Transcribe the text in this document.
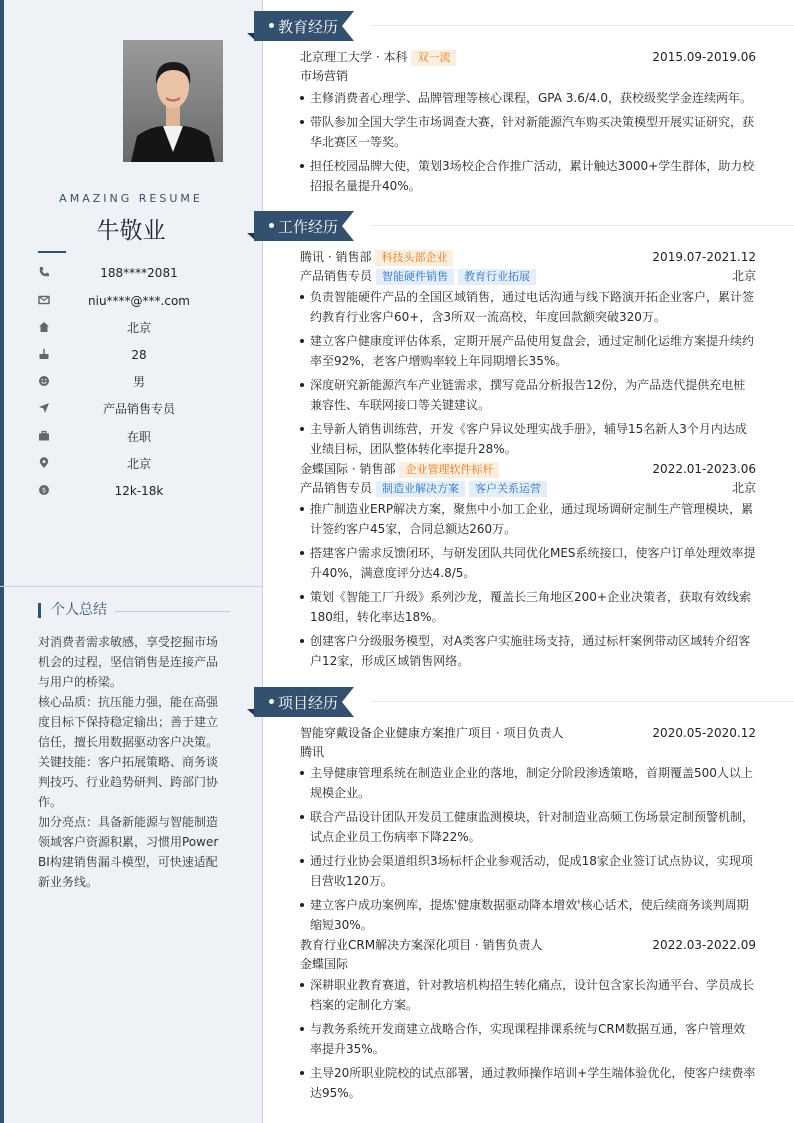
AMAZING RESUME
牛敬业
188****2081
niu****@***.com
北京
28
男
产品销售专员
在职
北京
$	12k-18k
个人总结

对消费者需求敏感，享受挖掘市场机会的过程，坚信销售是连接产品与用户的桥梁。

核心品质：抗压能力强，能在高强度目标下保持稳定输出；善于建立信任，擅长用数据驱动客户决策。

关键技能：客户拓展策略、商务谈判技巧、行业趋势研判、跨部门协作。

加分亮点：具备新能源与智能制造领域客户资源积累，习惯用Power BI构建销售漏斗模型，可快速适配新业务线。

教育经历
北京理工大学 · 本科 双一流	2015.09-2019.06
市场营销
主修消费者心理学、品牌管理等核心课程，GPA 3.6/4.0，获校级奖学金连续两年。
带队参加全国大学生市场调查大赛，针对新能源汽车购买决策模型开展实证研究，获华北赛区一等奖。
担任校园品牌大使，策划3场校企合作推广活动，累计触达3000+学生群体，助力校招报名量提升40%。
工作经历
腾讯 · 销售部 科技头部企业	2019.07-2021.12
产品销售专员 智能硬件销售 教育行业拓展	北京
负责智能硬件产品的全国区域销售，通过电话沟通与线下路演开拓企业客户，累计签约教育行业客户60+，含3所双一流高校，年度回款额突破320万。
建立客户健康度评估体系，定期开展产品使用复盘会，通过定制化运维方案提升续约率至92%，老客户增购率较上年同期增长35%。
深度研究新能源汽车产业链需求，撰写竞品分析报告12份，为产品迭代提供充电桩兼容性、车联网接口等关键建议。
主导新人销售训练营，开发《客户异议处理实战手册》，辅导15名新人3个月内达成业绩目标，团队整体转化率提升28%。
金蝶国际 · 销售部 企业管理软件标杆	2022.01-2023.06
产品销售专员 制造业解决方案 客户关系运营	北京
推广制造业ERP解决方案，聚焦中小加工企业，通过现场调研定制生产管理模块，累计签约客户45家，合同总额达260万。
搭建客户需求反馈闭环，与研发团队共同优化MES系统接口，使客户订单处理效率提升40%，满意度评分达4.8/5。
策划《智能工厂升级》系列沙龙，覆盖长三角地区200+企业决策者，获取有效线索180组，转化率达18%。
创建客户分级服务模型，对A类客户实施驻场支持，通过标杆案例带动区域转介绍客户12家，形成区域销售网络。
项目经历
智能穿戴设备企业健康方案推广项目 · 项目负责人	2020.05-2020.12
腾讯
主导健康管理系统在制造业企业的落地，制定分阶段渗透策略，首期覆盖500人以上规模企业。
联合产品设计团队开发员工健康监测模块，针对制造业高频工伤场景定制预警机制，试点企业员工伤病率下降22%。
通过行业协会渠道组织3场标杆企业参观活动，促成18家企业签订试点协议，实现项目营收120万。
建立客户成功案例库，提炼'健康数据驱动降本增效'核心话术，使后续商务谈判周期缩短30%。
教育行业CRM解决方案深化项目 · 销售负责人	2022.03-2022.09
金蝶国际
深耕职业教育赛道，针对教培机构招生转化痛点，设计包含家长沟通平台、学员成长档案的定制化方案。
与教务系统开发商建立战略合作，实现课程排课系统与CRM数据互通，客户管理效率提升35%。
主导20所职业院校的试点部署，通过教师操作培训+学生端体验优化，使客户续费率达95%。
